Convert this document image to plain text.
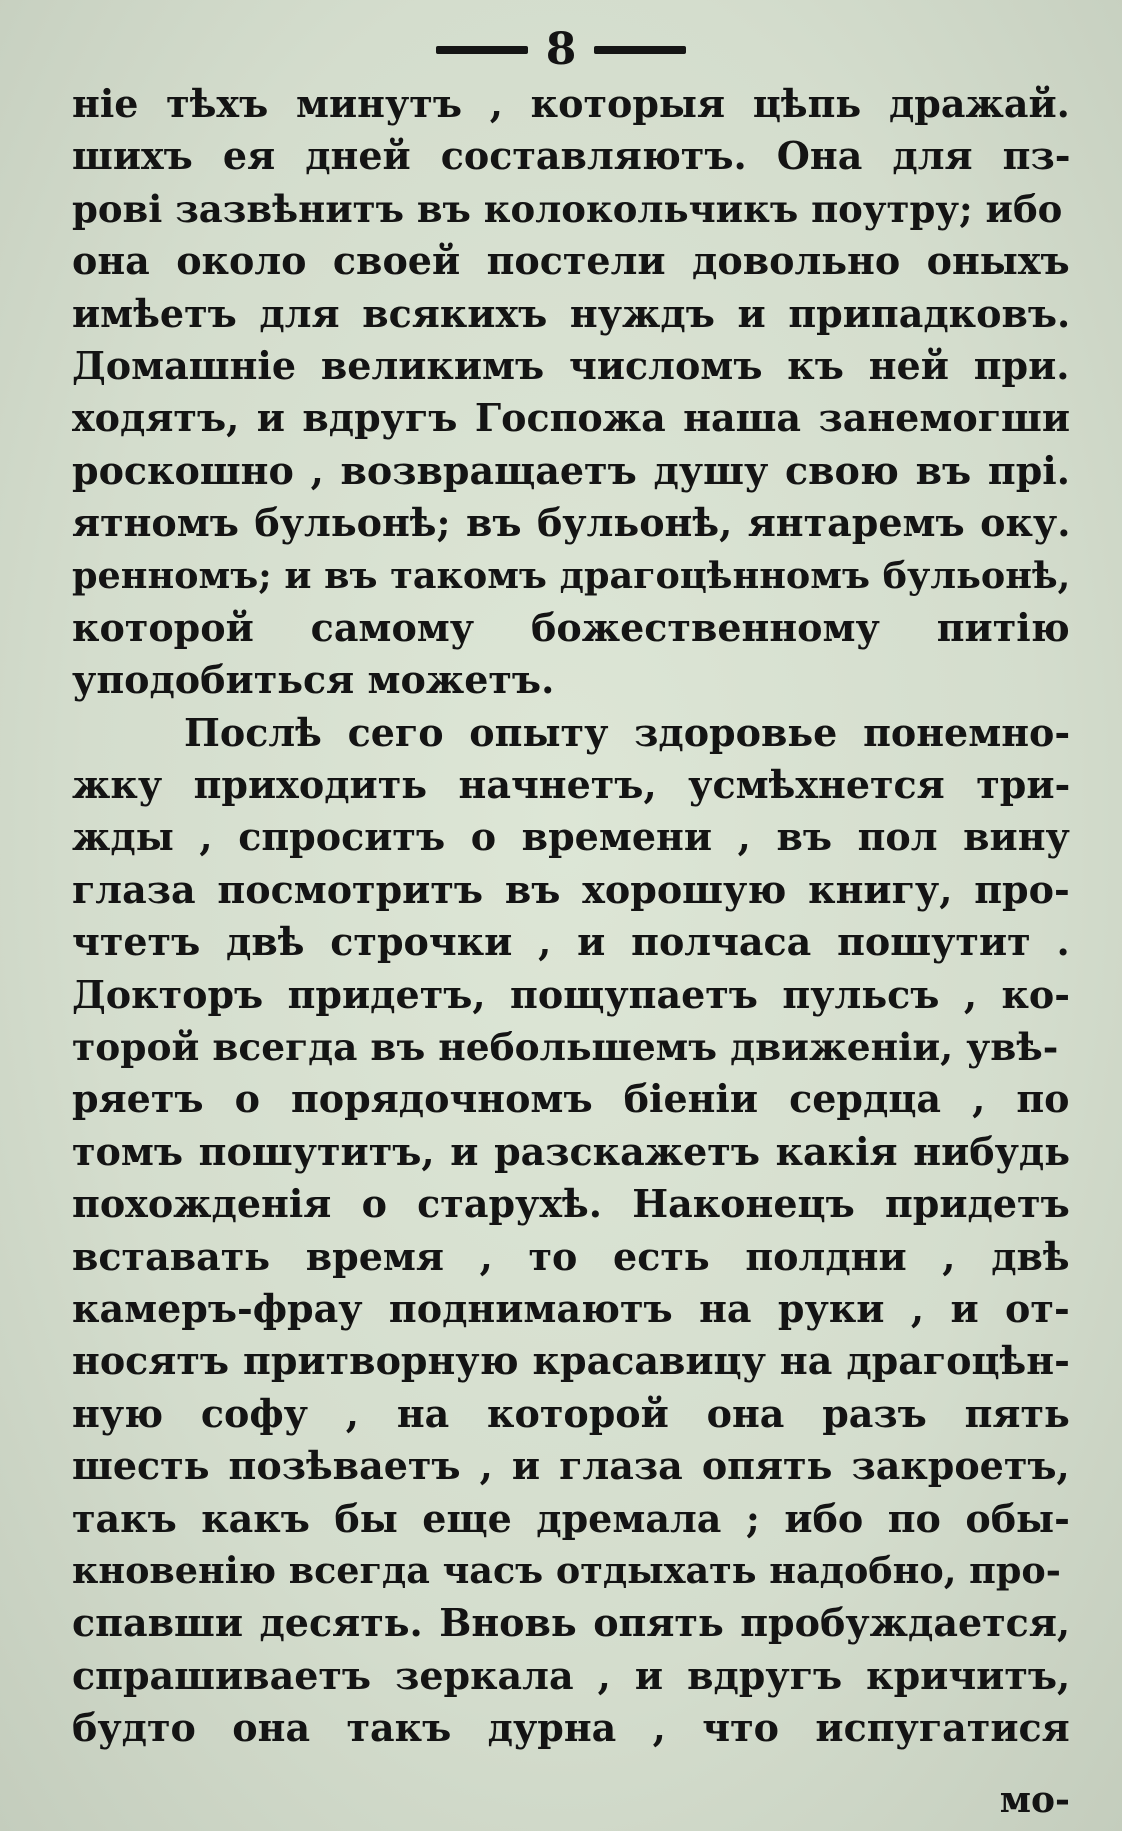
8
ніе тѣхъ минутъ , которыя цѣпь дражай.
шихъ ея дней составляютъ. Она для пз-
рові зазвѣнитъ въ колокольчикъ поутру; ибо
она около своей постели довольно оныхъ
имѣетъ для всякихъ нуждъ и припадковъ.
Домашніе великимъ числомъ къ ней при.
ходятъ, и вдругъ Госпожа наша занемогши
роскошно , возвращаетъ душу свою въ прі.
ятномъ бульонѣ; въ бульонѣ, янтаремъ оку.
ренномъ; и въ такомъ драгоцѣнномъ бульонѣ,
которой самому божественному питію
уподобиться можетъ.
Послѣ сего опыту здоровье понемно-
жку приходить начнетъ, усмѣхнется три-
жды , спроситъ о времени , въ пол вину
глаза посмотритъ въ хорошую книгу, про-
чтетъ двѣ строчки , и полчаса пошутит .
Докторъ придетъ, пощупаетъ пульсъ , ко-
торой всегда въ небольшемъ движеніи, увѣ-
ряетъ о порядочномъ біеніи сердца , по
томъ пошутитъ, и разскажетъ какія нибудь
похожденія о старухѣ. Наконецъ придетъ
вставать время , то есть полдни , двѣ
камеръ-фрау поднимаютъ на руки , и от-
носятъ притворную красавицу на драгоцѣн-
ную софу , на которой она разъ пять
шесть позѣваетъ , и глаза опять закроетъ,
такъ какъ бы еще дремала ; ибо по обы-
кновенію всегда часъ отдыхать надобно, про-
спавши десять. Вновь опять пробуждается,
спрашиваетъ зеркала , и вдругъ кричитъ,
будто она такъ дурна , что испугатися
мо-
